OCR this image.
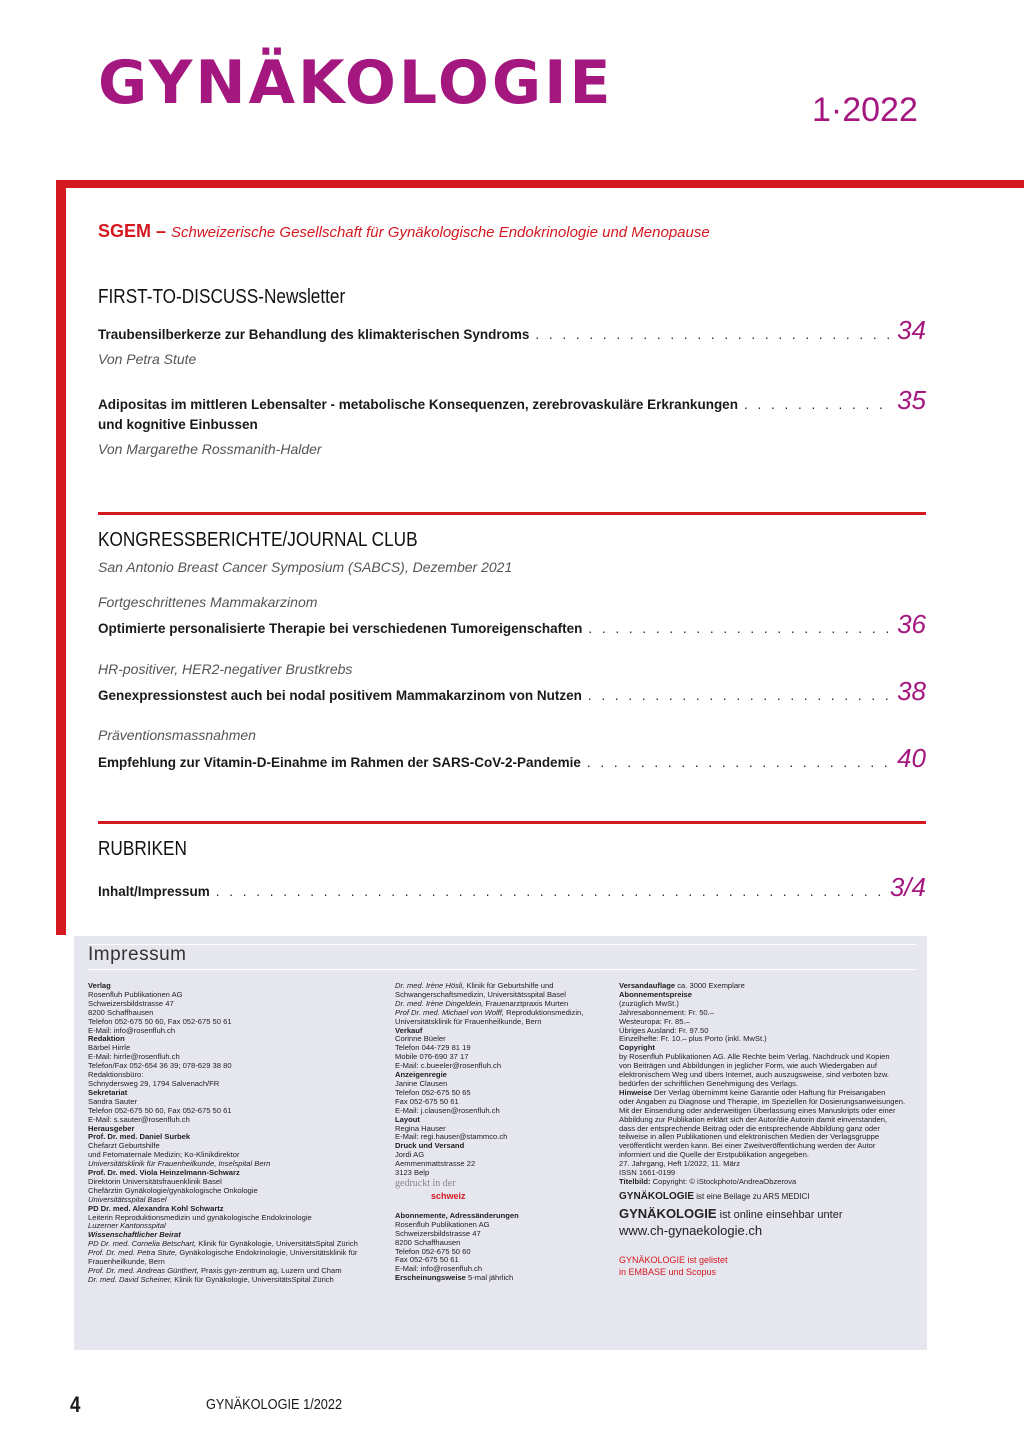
GYNÄKOLOGIE	1·2022
SGEM – Schweizerische Gesellschaft für Gynäkologische Endokrinologie und Menopause
FIRST-TO-DISCUSS-Newsletter
Traubensilberkerze zur Behandlung des klimakterischen Syndroms . . .	34
Von Petra Stute
Adipositas im mittleren Lebensalter - metabolische Konsequenzen, zerebrovaskuläre Erkrankungen . . .	35
und kognitive Einbussen
Von Margarethe Rossmanith-Halder
KONGRESSBERICHTE/JOURNAL CLUB
San Antonio Breast Cancer Symposium (SABCS), Dezember 2021
Fortgeschrittenes Mammakarzinom
Optimierte personalisierte Therapie bei verschiedenen Tumoreigenschaften . . .	36
HR-positiver, HER2-negativer Brustkrebs
Genexpressionstest auch bei nodal positivem Mammakarzinom von Nutzen . . .	38
Präventionsmassnahmen
Empfehlung zur Vitamin-D-Einahme im Rahmen der SARS-CoV-2-Pandemie . . .	40
RUBRIKEN
Inhalt/Impressum . . .	3/4
Impressum
Verlag
Rosenfluh Publikationen AG
Schweizersbildstrasse 47
8200 Schaffhausen
Telefon 052-675 50 60, Fax 052-675 50 61
E-Mail: info@rosenfluh.ch
Redaktion
Bärbel Hirrle
E-Mail: hirrle@rosenfluh.ch
Telefon/Fax 052-654 36 39; 078-629 38 80
Redaktionsbüro:
Schnydersweg 29, 1794 Salvenach/FR
Sekretariat
Sandra Sauter
Telefon 052-675 50 60, Fax 052-675 50 61
E-Mail: s.sauter@rosenfluh.ch
Herausgeber
Prof. Dr. med. Daniel Surbek
Chefarzt Geburtshilfe
und Fetomaternale Medizin; Ko-Klinikdirektor
Universitätsklinik für Frauenheilkunde, Inselspital Bern
Prof. Dr. med. Viola Heinzelmann-Schwarz
Direktorin Universitätsfrauenklinik Basel
Chefärztin Gynäkologie/gynäkologische Onkologie
Universitätsspital Basel
PD Dr. med. Alexandra Kohl Schwartz
Leiterin Reproduktionsmedizin und gynäkologische Endokrinologie
Luzerner Kantonsspital
Wissenschaftlicher Beirat
PD Dr. med. Cornelia Betschart, Klinik für Gynäkologie, UniversitätsSpital Zürich
Prof. Dr. med. Petra Stute, Gynäkologische Endokrinologie, Universitätsklinik für
Frauenheilkunde, Bern
Prof. Dr. med. Andreas Günthert, Praxis gyn-zentrum ag, Luzern und Cham
Dr. med. David Scheiner, Klinik für Gynäkologie, UniversitätsSpital Zürich
Dr. med. Irène Hösli, Klinik für Geburtshilfe und
Schwangerschaftsmedizin, Universitätsspital Basel
Dr. med. Irène Dingeldein, Frauenarztpraxis Murten
Prof Dr. med. Michael von Wolff, Reproduktionsmedizin,
Universitätsklinik für Frauenheilkunde, Bern
Verkauf
Corinne Büeler
Telefon 044-729 81 19
Mobile 076-690 37 17
E-Mail: c.bueeler@rosenfluh.ch
Anzeigenregie
Janine Clausen
Telefon 052-675 50 65
Fax 052-675 50 61
E-Mail: j.clausen@rosenfluh.ch
Layout
Regina Hauser
E-Mail: regi.hauser@stammco.ch
Druck und Versand
Jordi AG
Aemmenmattstrasse 22
3123 Belp
gedruckt in der
schweiz
Abonnemente, Adressänderungen
Rosenfluh Publikationen AG
Schweizersbildstrasse 47
8200 Schaffhausen
Telefon 052-675 50 60
Fax 052-675 50 61
E-Mail: info@rosenfluh.ch
Erscheinungsweise 5-mal jährlich
Versandauflage ca. 3000 Exemplare
Abonnementspreise
(zuzüglich MwSt.)
Jahresabonnement: Fr. 50.–
Westeuropa: Fr. 85.–
Übriges Ausland: Fr. 97.50
Einzelhefte: Fr. 10.– plus Porto (inkl. MwSt.)
Copyright
by Rosenfluh Publikationen AG. Alle Rechte beim Verlag. Nachdruck und Kopien
von Beiträgen und Abbildungen in jeglicher Form, wie auch Wiedergaben auf
elektronischem Weg und übers Internet, auch auszugsweise, sind verboten bzw.
bedürfen der schriftlichen Genehmigung des Verlags.
Hinweise Der Verlag übernimmt keine Garantie oder Haftung für Preisangaben
oder Angaben zu Diagnose und Therapie, im Speziellen für Dosierungsanweisungen.
Mit der Einsendung oder anderweitigen Überlassung eines Manuskripts oder einer
Abbildung zur Publikation erklärt sich der Autor/die Autorin damit einverstanden,
dass der entsprechende Beitrag oder die entsprechende Abbildung ganz oder
teilweise in allen Publikationen und elektronischen Medien der Verlagsgruppe
veröffentlicht werden kann. Bei einer Zweitveröffentlichung werden der Autor
informiert und die Quelle der Erstpublikation angegeben.
27. Jahrgang, Heft 1/2022, 11. März
ISSN 1661-0199
Titelbild: Copyright: © iStockphoto/AndreaObzerova
GYNÄKOLOGIE ist eine Beilage zu ARS MEDICI
GYNÄKOLOGIE ist online einsehbar unter
www.ch-gynaekologie.ch
GYNÄKOLOGIE ist gelistet
in EMBASE und Scopus
4	GYNÄKOLOGIE 1/2022
